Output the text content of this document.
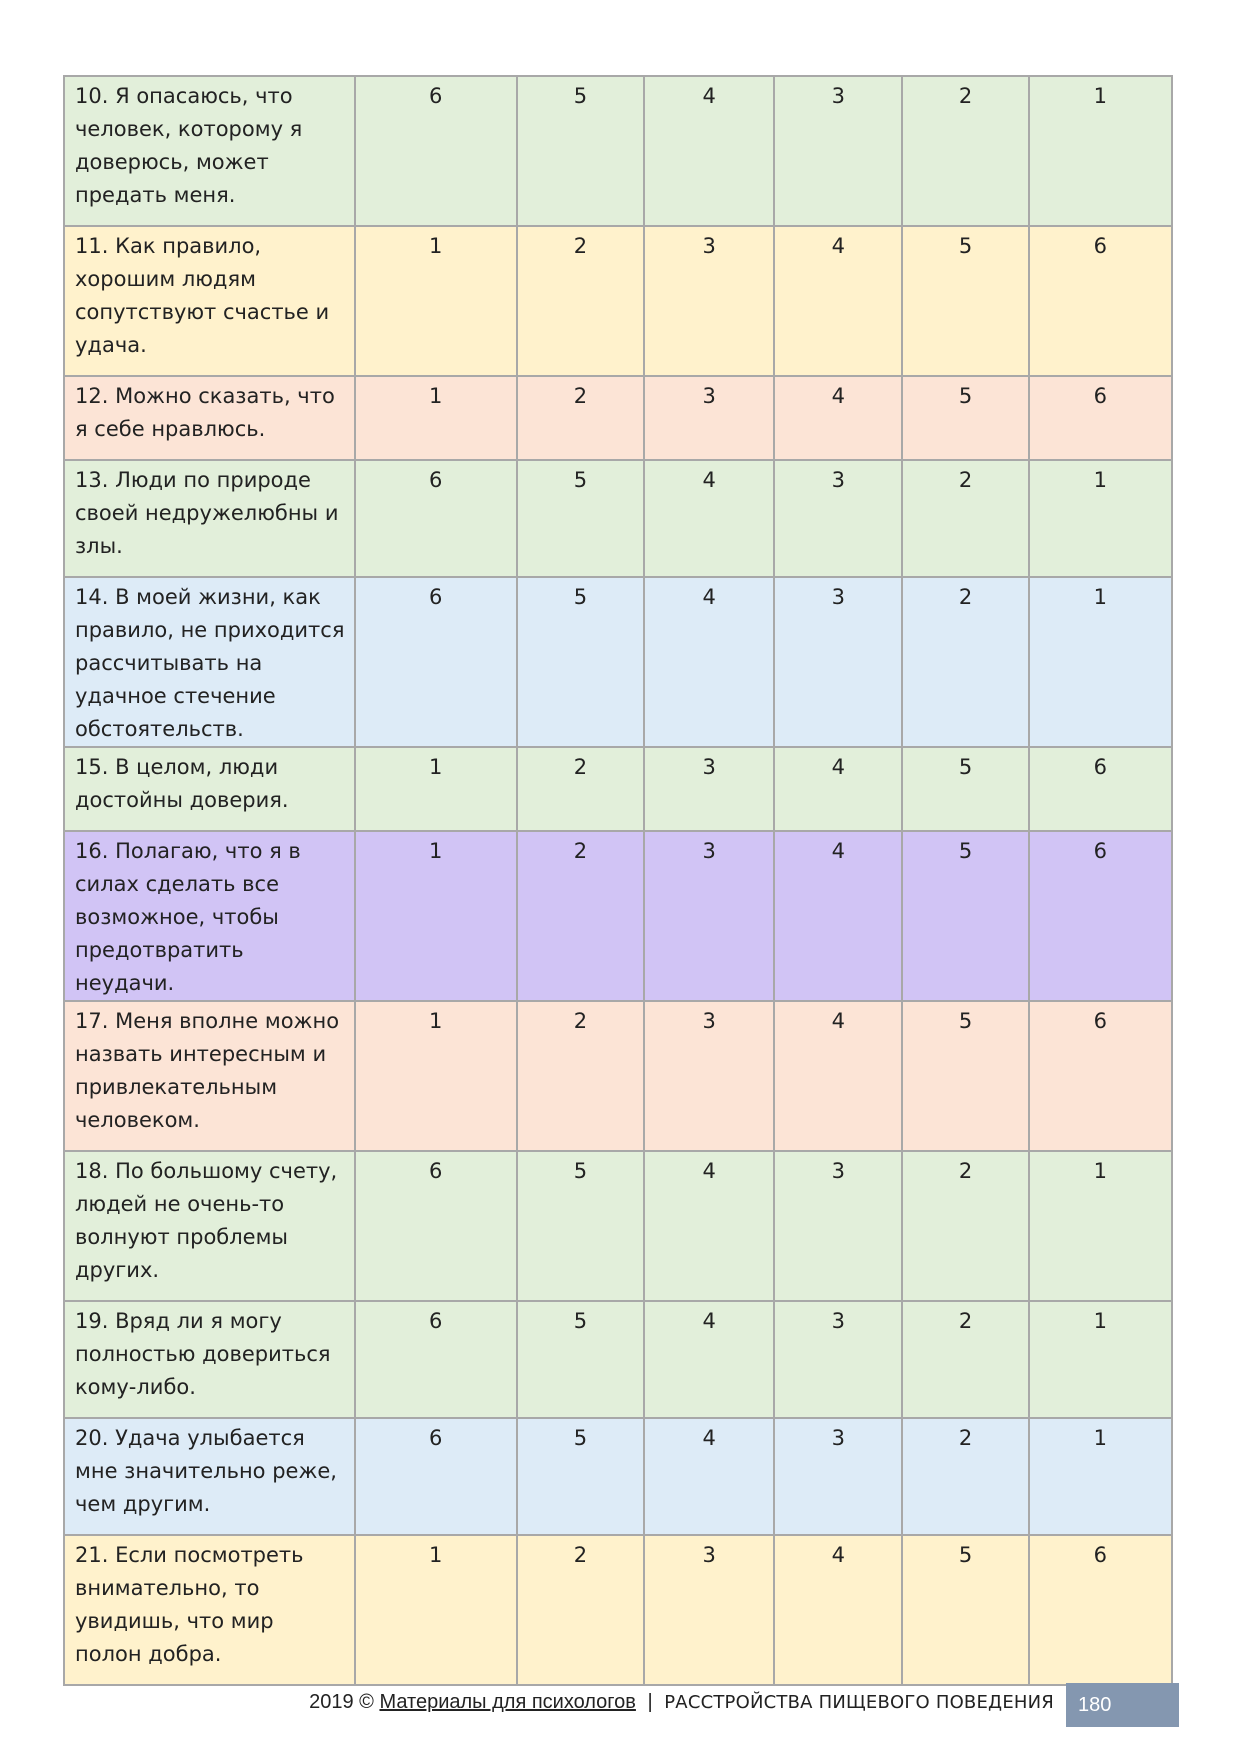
10. Я опасаюсь, что человек, которому я доверюсь, может предать меня.	6	5	4	3	2	1
11. Как правило, хорошим людям сопутствуют счастье и удача.	1	2	3	4	5	6
12. Можно сказать, что я себе нравлюсь.	1	2	3	4	5	6
13. Люди по природе своей недружелюбны и злы.	6	5	4	3	2	1
14. В моей жизни, как правило, не приходится рассчитывать на удачное стечение обстоятельств.	6	5	4	3	2	1
15. В целом, люди достойны доверия.	1	2	3	4	5	6
16. Полагаю, что я в силах сделать все возможное, чтобы предотвратить неудачи.	1	2	3	4	5	6
17. Меня вполне можно назвать интересным и привлекательным человеком.	1	2	3	4	5	6
18. По большому счету, людей не очень-то волнуют проблемы других.	6	5	4	3	2	1
19. Вряд ли я могу полностью довериться кому-либо.	6	5	4	3	2	1
20. Удача улыбается мне значительно реже, чем другим.	6	5	4	3	2	1
21. Если посмотреть внимательно, то увидишь, что мир полон добра.	1	2	3	4	5	6
2019 © Материалы для психологов | РАССТРОЙСТВА ПИЩЕВОГО ПОВЕДЕНИЯ	180
